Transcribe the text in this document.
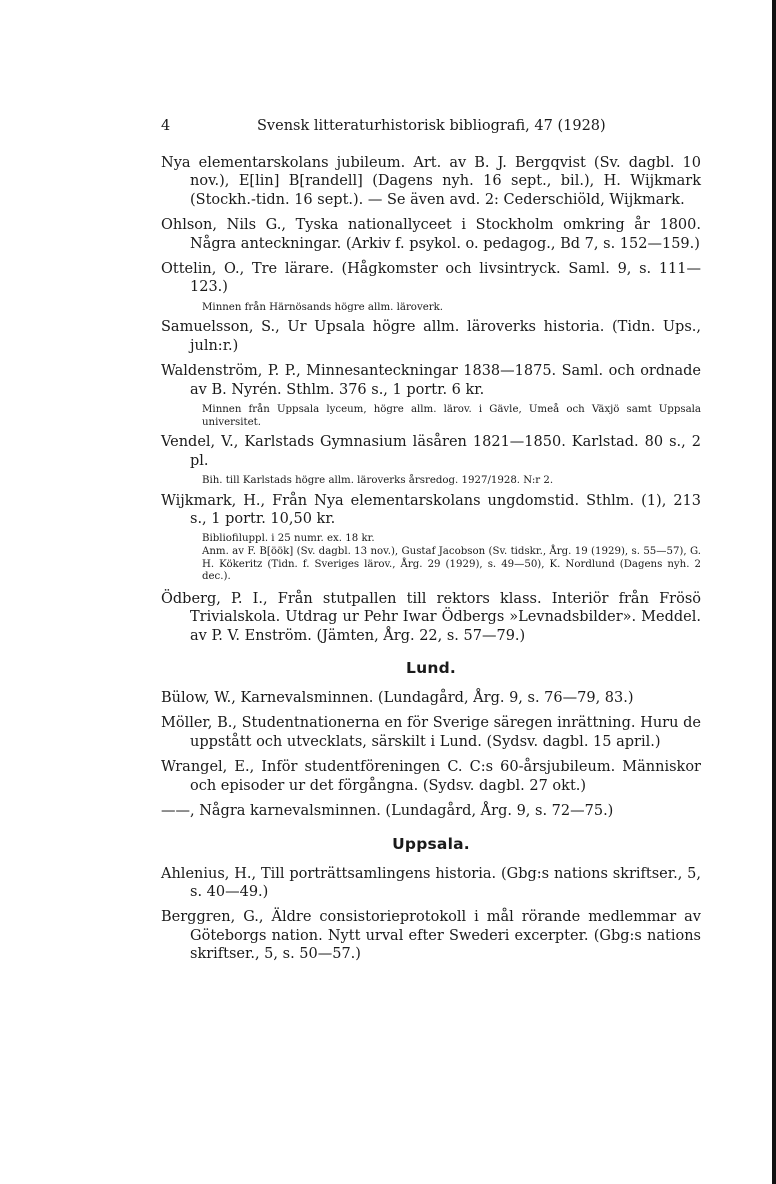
4	Svensk litteraturhistorisk bibliografi, 47 (1928)

Nya elementarskolans jubileum. Art. av B. J. Bergqvist (Sv. dagbl. 10 nov.), E[lin] B[randell] (Dagens nyh. 16 sept., bil.), H. Wijkmark (Stockh.-tidn. 16 sept.). — Se även avd. 2: Cederschiöld, Wijkmark.

Ohlson, Nils G., Tyska nationallyceet i Stockholm omkring år 1800. Några anteckningar. (Arkiv f. psykol. o. pedagog., Bd 7, s. 152—159.)

Ottelin, O., Tre lärare. (Hågkomster och livsintryck. Saml. 9, s. 111—123.)

Minnen från Härnösands högre allm. läroverk.

Samuelsson, S., Ur Upsala högre allm. läroverks historia. (Tidn. Ups., juln:r.)

Waldenström, P. P., Minnesanteckningar 1838—1875. Saml. och ordnade av B. Nyrén. Sthlm. 376 s., 1 portr. 6 kr.

Minnen från Uppsala lyceum, högre allm. lärov. i Gävle, Umeå och Växjö samt Uppsala universitet.

Vendel, V., Karlstads Gymnasium läsåren 1821—1850. Karlstad. 80 s., 2 pl.

Bih. till Karlstads högre allm. läroverks årsredog. 1927/1928. N:r 2.

Wijkmark, H., Från Nya elementarskolans ungdomstid. Sthlm. (1), 213 s., 1 portr. 10,50 kr.

Bibliofiluppl. i 25 numr. ex. 18 kr.

Anm. av F. B[öök] (Sv. dagbl. 13 nov.), Gustaf Jacobson (Sv. tidskr., Årg. 19 (1929), s. 55—57), G. H. Kökeritz (Tidn. f. Sveriges lärov., Årg. 29 (1929), s. 49—50), K. Nordlund (Dagens nyh. 2 dec.).

Ödberg, P. I., Från stutpallen till rektors klass. Interiör från Frösö Trivialskola. Utdrag ur Pehr Iwar Ödbergs »Levnadsbilder». Meddel. av P. V. Enström. (Jämten, Årg. 22, s. 57—79.)

Lund.

Bülow, W., Karnevalsminnen. (Lundagård, Årg. 9, s. 76—79, 83.)

Möller, B., Studentnationerna en för Sverige säregen inrättning. Huru de uppstått och utvecklats, särskilt i Lund. (Sydsv. dagbl. 15 april.)

Wrangel, E., Inför studentföreningen C. C:s 60-årsjubileum. Människor och episoder ur det förgångna. (Sydsv. dagbl. 27 okt.)

——, Några karnevalsminnen. (Lundagård, Årg. 9, s. 72—75.)

Uppsala.

Ahlenius, H., Till porträttsamlingens historia. (Gbg:s nations skriftser., 5, s. 40—49.)

Berggren, G., Äldre consistorieprotokoll i mål rörande medlemmar av Göteborgs nation. Nytt urval efter Swederi excerpter. (Gbg:s nations skriftser., 5, s. 50—57.)
